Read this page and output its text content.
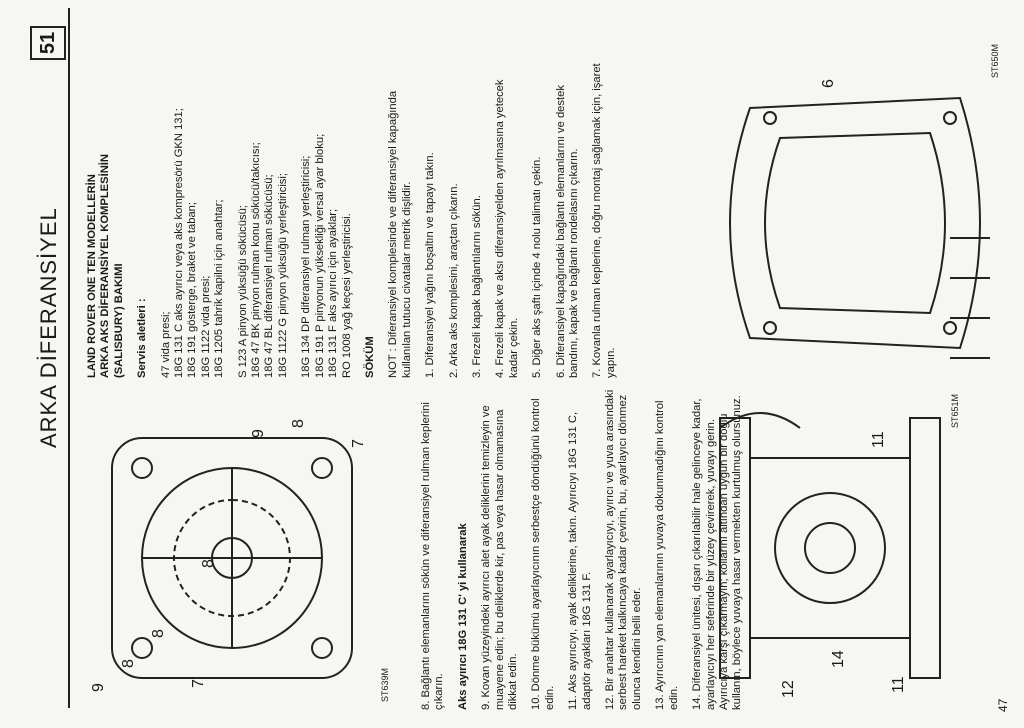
ARKA DİFERANSİYEL
51

LAND ROVER ONE TEN MODELLERİN
ARKA AKS DİFERANSİYEL KOMPLESİNİN
(SALISBURY) BAKIMI Servis aletleri : 47 vida presi; 18G 131 C aks ayırıcı veya aks kompresörü GKN 131; 18G 191 gösterge, braket ve taban; 18G 1122 vida presi; 18G 1205 tahrik kapilni için anahtar; S 123 A pinyon yüksüğü sökücüsü; 18G 47 BK pinyon rulman konu sökücü/takıcısı; 18G 47 BL diferansiyel rulman sökücüsü; 18G 1122 G pinyon yüksüğü yerleştiricisi; 18G 134 DP diferansiyel rulman yerleştiricisi; 18G 191 P pinyonun yüksekliği versal ayar bloku; 18G 131 F aks ayırıcı için ayaklar; RO 1008 yağ keçesi yerleştiricisi. SÖKÜM NOT : Diferansiyel komplesinde ve diferansiyel kapağında kullanılan tutucu civatalar metrik dişlidir. 1. Diferansiyel yağını boşaltın ve tapayı takın. 2. Arka aks komplesini, araçtan çıkarın. 3. Frezeli kapak bağlantılarını sökün. 4. Frezeli kapak ve aksı diferansiyelden ayrılmasına yetecek kadar çekin. 5. Diğer aks şaftı içinde 4 nolu talimatı çekin. 6. Diferansiyel kapağındaki bağlantı elemanlarını ve destek bandını, kapak ve bağlantı rondelasını çıkarın. 7. Kovanla rulman keplerine, doğru montaj sağlamak için, işaret yapın.

8. Bağlantı elemanlarını sökün ve diferansiyel rulman keplerini çıkarın. Aks ayırıcı 18G 131 C' yi kullanarak 9. Kovan yüzeyindeki ayırıcı alet ayak deliklerini temizleyin ve muayene edin; bu deliklerde kir, pas veya hasar olmamasına dikkat edin. 10. Dönme bükümü ayarlayıcının serbestçe döndüğünü kontrol edin. 11. Aks ayırıcıyı, ayak deliklerine, takın. Ayırıcıyı 18G 131 C, adaptör ayakları 18G 131 F. 12. Bir anahtar kullanarak ayarlayıcıyı, ayırıcı ve yuva arasındaki serbest hareket kalkıncaya kadar çevirin, bu, ayarlayıcı dönmez olunca kendini belli eder. 13. Ayırıcının yan elemanlarının yuvaya dokunmadığını kontrol edin. 14. Diferansiyel ünitesi, dışarı çıkarılabilir hale gelinceye kadar, ayarlayıcıyı her seferinde bir yüzey çevirerek, yuvayı gerin. Ayırıcıya karşı çıkarmayın; kollarını altından uygun bir doğlu kullanın, böylece yuvaya hasar vermekten kurtulmuş olursunuz.

9
8
8
7
8
9
8
7
ST639M
6
ST650M
12
14
11
11
ST651M
47
